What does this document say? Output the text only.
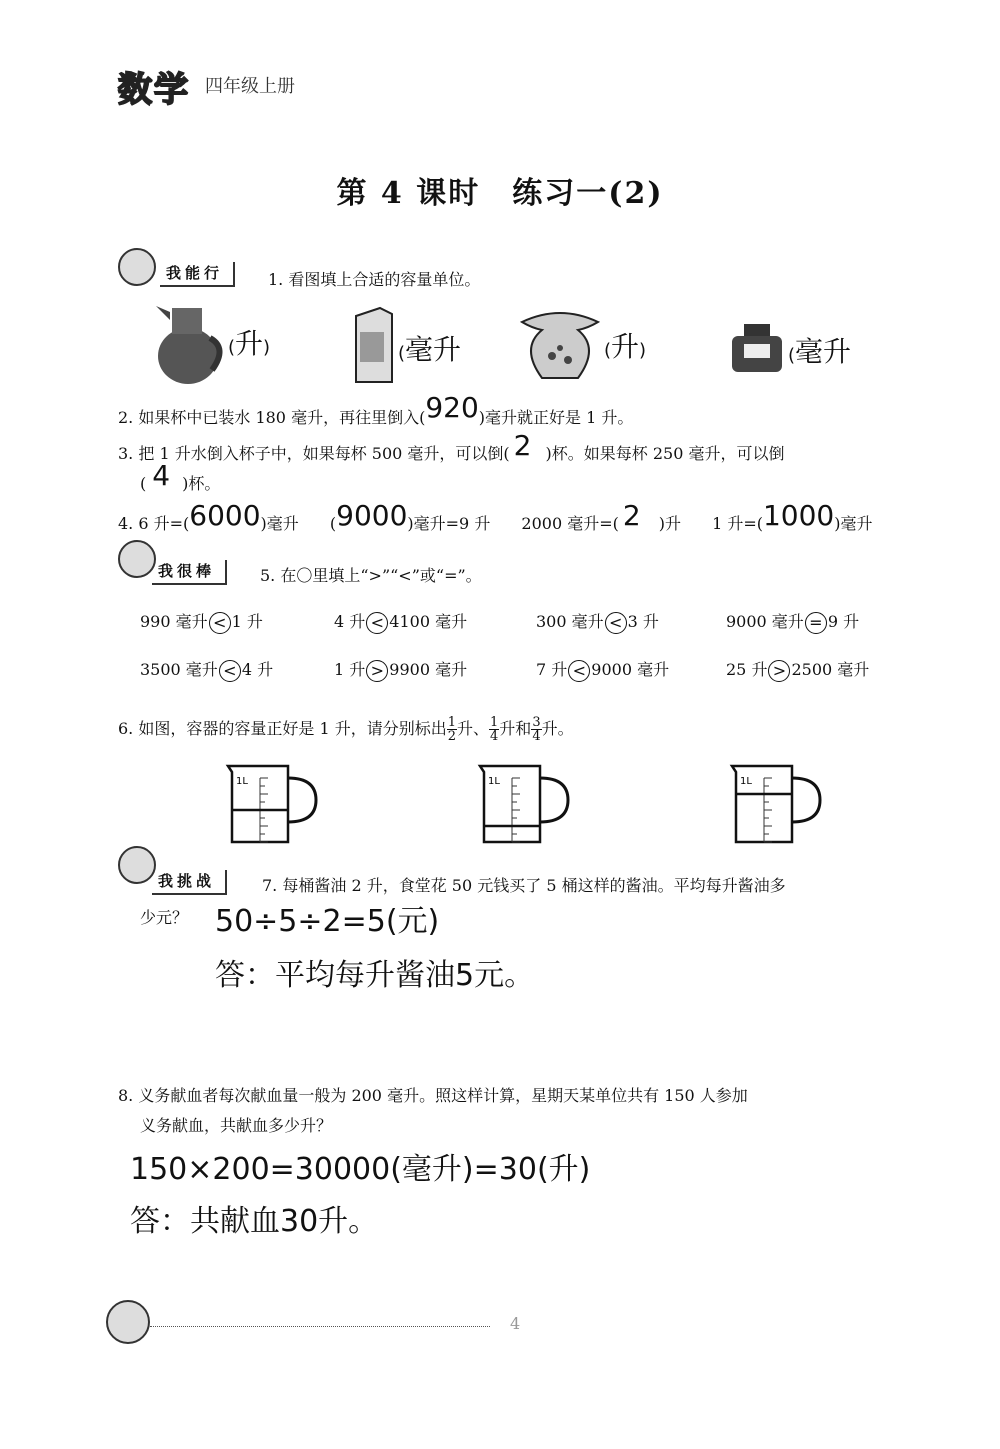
数学 四年级上册
第 4 课时　练习一(2)
我能行	1. 看图填上合适的容量单位。
(升)	(毫升	(升)	(毫升
2. 如果杯中已装水 180 毫升，再往里倒入(920)毫升就正好是 1 升。
3. 把 1 升水倒入杯子中，如果每杯 500 毫升，可以倒( 2 )杯。如果每杯 250 毫升，可以倒
( 4 )杯。
4. 6 升=(6000)毫升 (9000)毫升=9 升 2000 毫升=( 2 )升 1 升=(1000)毫升
我很棒	5. 在〇里填上“>”“<”或“=”。
990 毫升 < 1 升	4 升 < 4100 毫升	300 毫升 < 3 升	9000 毫升 = 9 升
3500 毫升 < 4 升	1 升 > 9900 毫升	7 升 < 9000 毫升	25 升 > 2500 毫升
6. 如图，容器的容量正好是 1 升，请分别标出 $\frac{1}{2}$ 升、 $\frac{1}{4}$ 升和 $\frac{3}{4}$ 升。
1L	1L	1L
我挑战	7. 每桶酱油 2 升，食堂花 50 元钱买了 5 桶这样的酱油。平均每升酱油多
少元？ 50÷5÷2=5(元)
答：平均每升酱油5元。
8. 义务献血者每次献血量一般为 200 毫升。照这样计算，星期天某单位共有 150 人参加
义务献血，共献血多少升？
150×200=30000(毫升)=30(升)
答：共献血30升。
4
